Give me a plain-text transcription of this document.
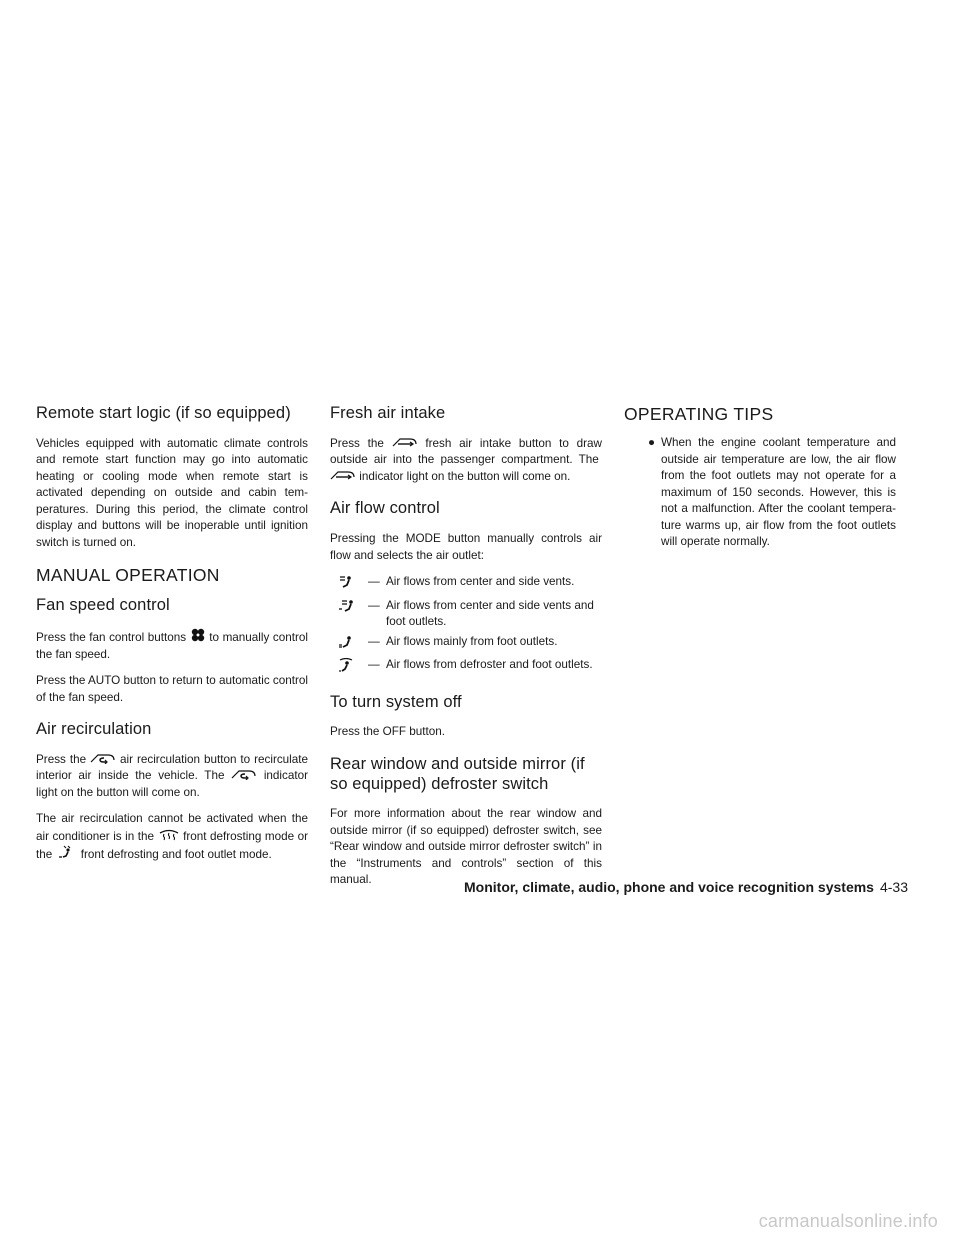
Remote start logic (if so equipped)

Vehicles equipped with automatic climate controls and remote start function may go into automatic heating or cooling mode when remote start is activated depending on outside and cabin temperatures. During this period, the climate control display and buttons will be inoperable until ignition switch is turned on.

MANUAL OPERATION
Fan speed control

Press the fan control buttons to manually control the fan speed.

Press the AUTO button to return to automatic control of the fan speed.

Air recirculation

Press the	air recirculation button to recirculate interior air inside the vehicle. The	indicator light on the button will come on.

The air recirculation cannot be activated when the air conditioner is in the front defrosting mode or the front defrosting and foot outlet mode.

Fresh air intake

Press the	fresh air intake button to draw outside air into the passenger compartment. The
indicator light on the button will come on.

Air flow control

Pressing the MODE button manually controls air flow and selects the air outlet:

— Air flows from center and side vents.
— Air flows from center and side vents and foot outlets.
— Air flows mainly from foot outlets.
— Air flows from defroster and foot outlets.
To turn system off

Press the OFF button.

Rear window and outside mirror (if so equipped) defroster switch

For more information about the rear window and outside mirror (if so equipped) defroster switch, see “Rear window and outside mirror defroster switch” in the “Instruments and controls” section of this manual.

OPERATING TIPS
● When the engine coolant temperature and outside air temperature are low, the air flow from the foot outlets may not operate for a maximum of 150 seconds. However, this is not a malfunction. After the coolant temperature warms up, air flow from the foot outlets will operate normally.
Monitor, climate, audio, phone and voice recognition systems 4-33
carmanualsonline.info
